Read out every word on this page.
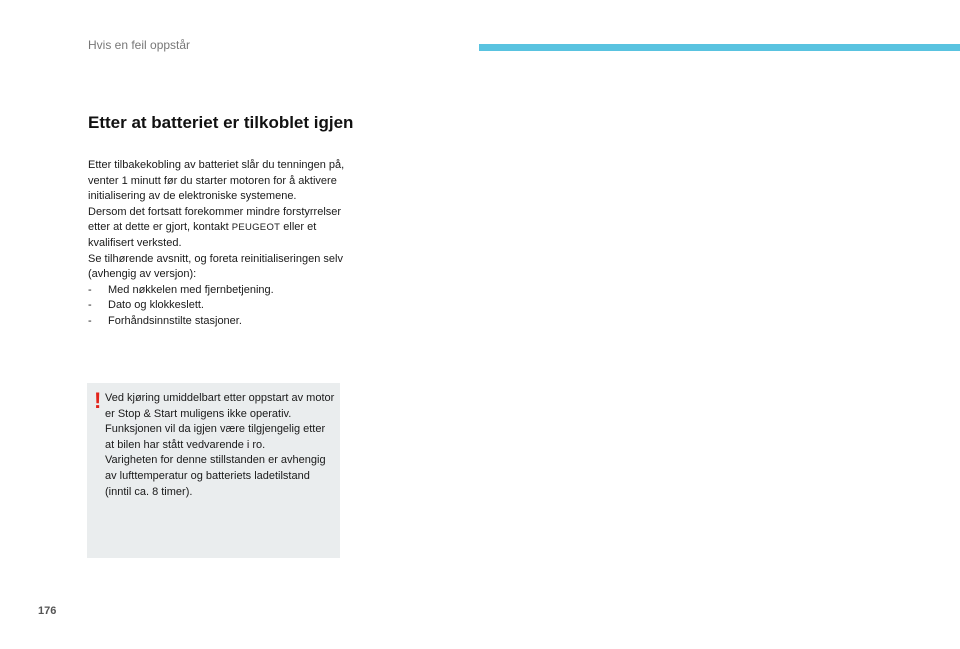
Hvis en feil oppstår
Etter at batteriet er tilkoblet igjen

Etter tilbakekobling av batteriet slår du tenningen på, venter 1 minutt før du starter motoren for å aktivere initialisering av de elektroniske systemene.

Dersom det fortsatt forekommer mindre forstyrrelser etter at dette er gjort, kontakt PEUGEOT eller et kvalifisert verksted.

Se tilhørende avsnitt, og foreta reinitialiseringen selv (avhengig av versjon):

- Med nøkkelen med fjernbetjening.
- Dato og klokkeslett.
- Forhåndsinnstilte stasjoner.
! Ved kjøring umiddelbart etter oppstart av motor er Stop & Start muligens ikke operativ.

Funksjonen vil da igjen være tilgjengelig etter at bilen har stått vedvarende i ro.

Varigheten for denne stillstanden er avhengig av lufttemperatur og batteriets ladetilstand (inntil ca. 8 timer).

176
